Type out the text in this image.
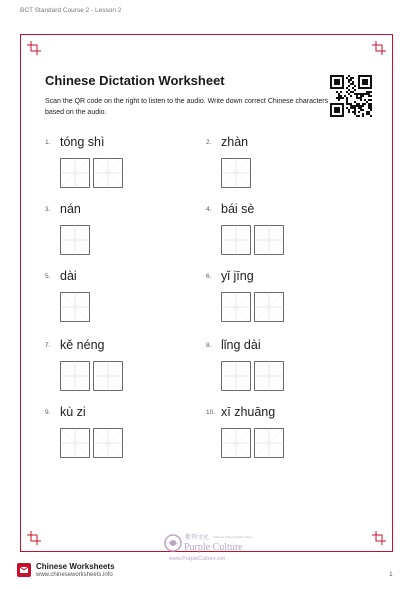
BCT Standard Course 2 - Lesson 2
Chinese Dictation Worksheet
Scan the QR code on the right to listen to the audio. Write down correct Chinese characters based on the audio.
1. tóng shì	2. zhàn
3. nán	4. bái sè
5. dài	6. yǐ jīng
7. kě néng	8. lǐng dài
9. kù zi	10. xī zhuāng
紫荆文化 Chinese Culture Online Shop
Purple Culture
www.PurpleCulture.net
Chinese Worksheets
www.chineseworksheets.info	1
